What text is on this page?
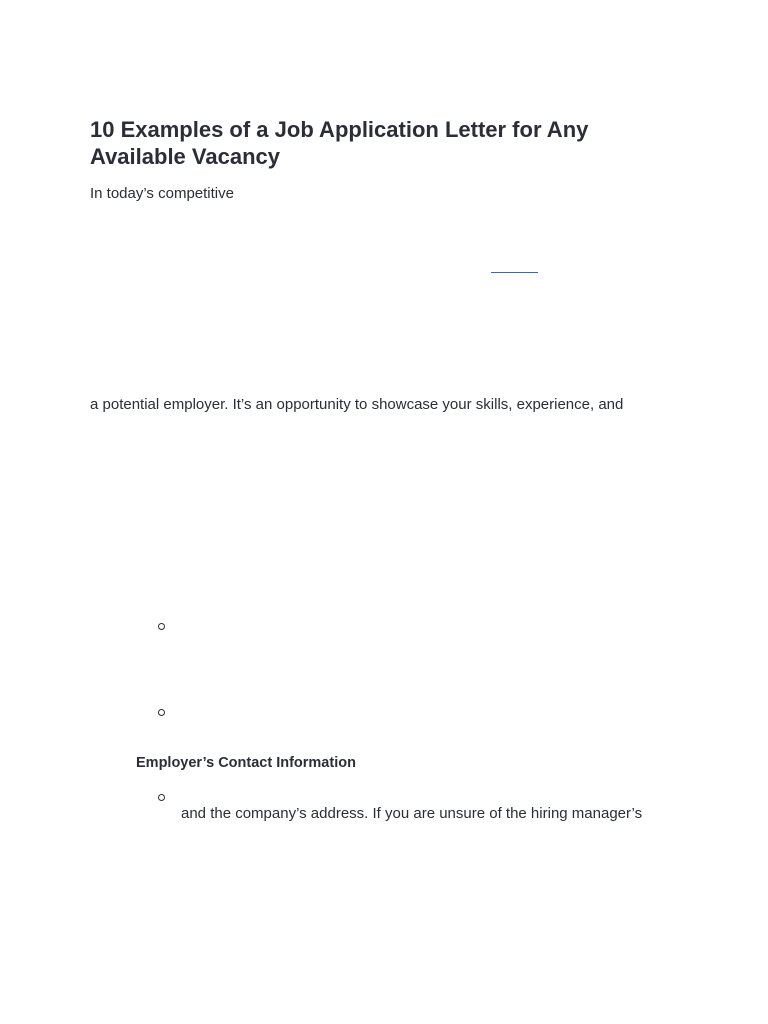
10 Examples of a Job Application Letter for Any Available Vacancy

In today’s competitive

a potential employer. It’s an opportunity to showcase your skills, experience, and

Employer’s Contact Information

and the company’s address. If you are unsure of the hiring manager’s
